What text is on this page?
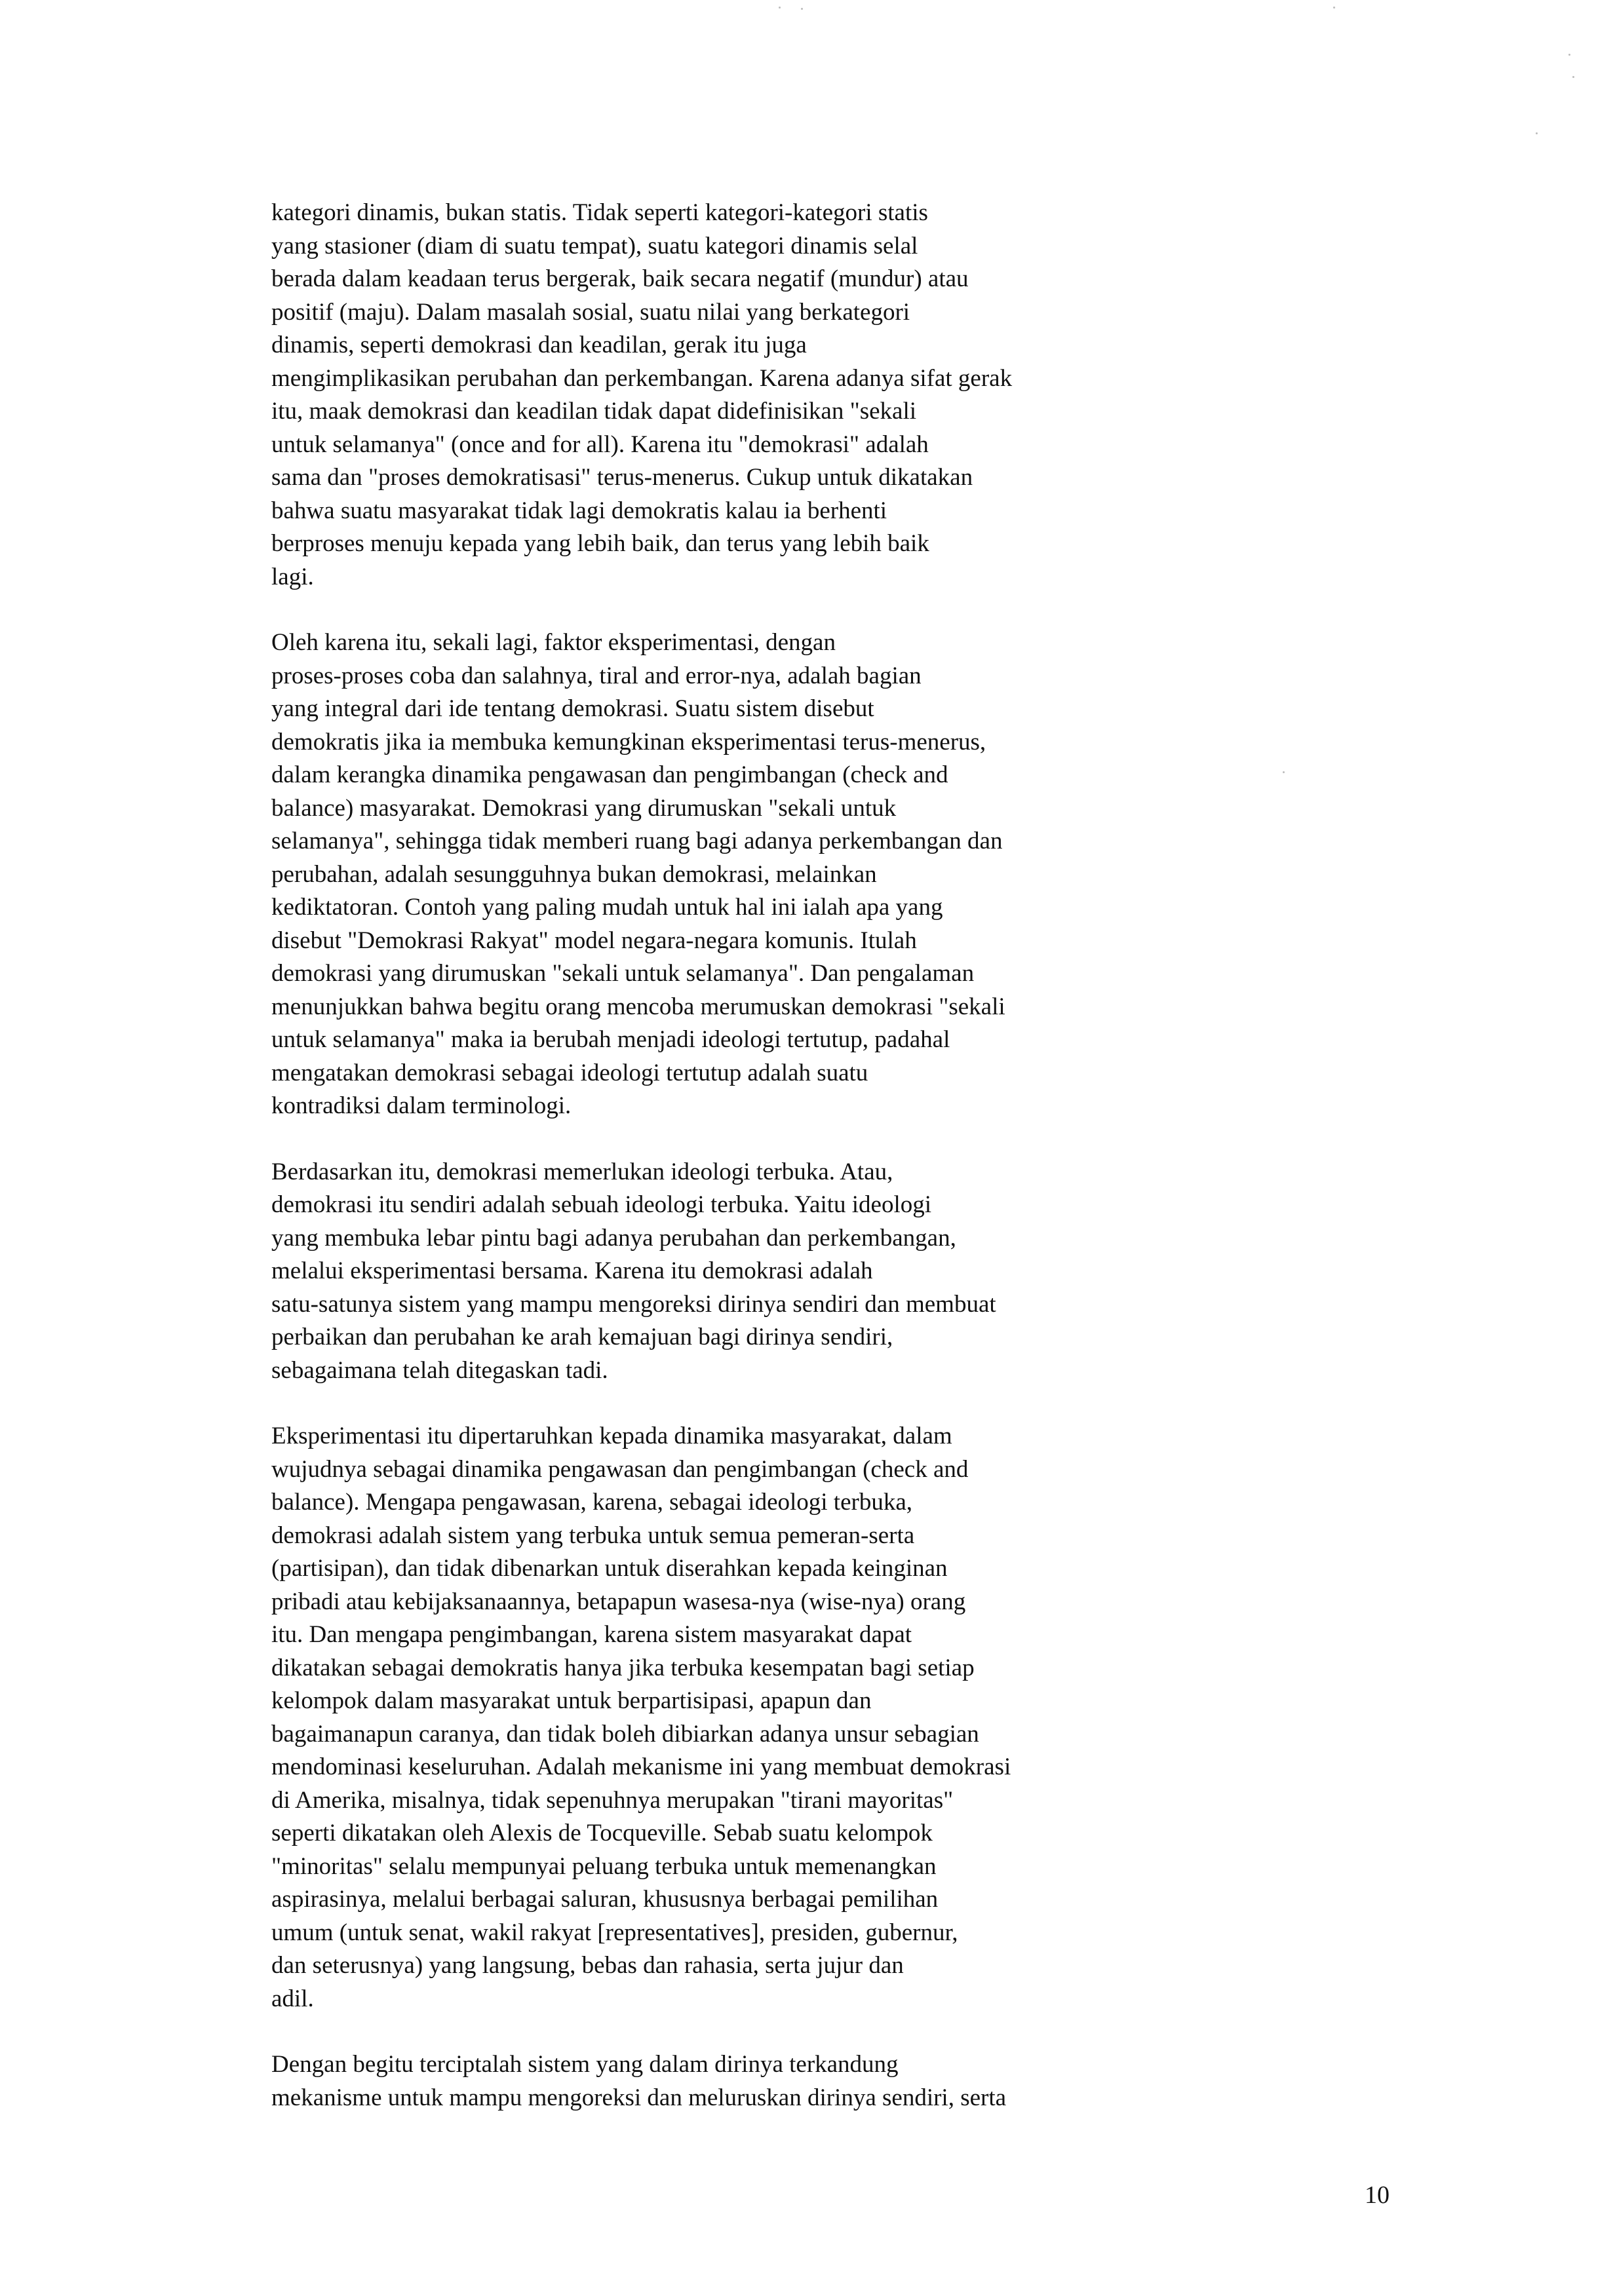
kategori dinamis, bukan statis. Tidak seperti kategori-kategori statis
yang stasioner (diam di suatu tempat), suatu kategori dinamis selal
berada dalam keadaan terus bergerak, baik secara negatif (mundur) atau
positif (maju). Dalam masalah sosial, suatu nilai yang berkategori
dinamis, seperti demokrasi dan keadilan, gerak itu juga
mengimplikasikan perubahan dan perkembangan. Karena adanya sifat gerak
itu, maak demokrasi dan keadilan tidak dapat didefinisikan "sekali
untuk selamanya" (once and for all). Karena itu "demokrasi" adalah
sama dan "proses demokratisasi" terus-menerus. Cukup untuk dikatakan
bahwa suatu masyarakat tidak lagi demokratis kalau ia berhenti
berproses menuju kepada yang lebih baik, dan terus yang lebih baik
lagi.

Oleh karena itu, sekali lagi, faktor eksperimentasi, dengan
proses-proses coba dan salahnya, tiral and error-nya, adalah bagian
yang integral dari ide tentang demokrasi. Suatu sistem disebut
demokratis jika ia membuka kemungkinan eksperimentasi terus-menerus,
dalam kerangka dinamika pengawasan dan pengimbangan (check and
balance) masyarakat. Demokrasi yang dirumuskan "sekali untuk
selamanya", sehingga tidak memberi ruang bagi adanya perkembangan dan
perubahan, adalah sesungguhnya bukan demokrasi, melainkan
kediktatoran. Contoh yang paling mudah untuk hal ini ialah apa yang
disebut "Demokrasi Rakyat" model negara-negara komunis. Itulah
demokrasi yang dirumuskan "sekali untuk selamanya". Dan pengalaman
menunjukkan bahwa begitu orang mencoba merumuskan demokrasi "sekali
untuk selamanya" maka ia berubah menjadi ideologi tertutup, padahal
mengatakan demokrasi sebagai ideologi tertutup adalah suatu
kontradiksi dalam terminologi.

Berdasarkan itu, demokrasi memerlukan ideologi terbuka. Atau,
demokrasi itu sendiri adalah sebuah ideologi terbuka. Yaitu ideologi
yang membuka lebar pintu bagi adanya perubahan dan perkembangan,
melalui eksperimentasi bersama. Karena itu demokrasi adalah
satu-satunya sistem yang mampu mengoreksi dirinya sendiri dan membuat
perbaikan dan perubahan ke arah kemajuan bagi dirinya sendiri,
sebagaimana telah ditegaskan tadi.

Eksperimentasi itu dipertaruhkan kepada dinamika masyarakat, dalam
wujudnya sebagai dinamika pengawasan dan pengimbangan (check and
balance). Mengapa pengawasan, karena, sebagai ideologi terbuka,
demokrasi adalah sistem yang terbuka untuk semua pemeran-serta
(partisipan), dan tidak dibenarkan untuk diserahkan kepada keinginan
pribadi atau kebijaksanaannya, betapapun wasesa-nya (wise-nya) orang
itu. Dan mengapa pengimbangan, karena sistem masyarakat dapat
dikatakan sebagai demokratis hanya jika terbuka kesempatan bagi setiap
kelompok dalam masyarakat untuk berpartisipasi, apapun dan
bagaimanapun caranya, dan tidak boleh dibiarkan adanya unsur sebagian
mendominasi keseluruhan. Adalah mekanisme ini yang membuat demokrasi
di Amerika, misalnya, tidak sepenuhnya merupakan "tirani mayoritas"
seperti dikatakan oleh Alexis de Tocqueville. Sebab suatu kelompok
"minoritas" selalu mempunyai peluang terbuka untuk memenangkan
aspirasinya, melalui berbagai saluran, khususnya berbagai pemilihan
umum (untuk senat, wakil rakyat [representatives], presiden, gubernur,
dan seterusnya) yang langsung, bebas dan rahasia, serta jujur dan
adil.

Dengan begitu terciptalah sistem yang dalam dirinya terkandung
mekanisme untuk mampu mengoreksi dan meluruskan dirinya sendiri, serta

10
